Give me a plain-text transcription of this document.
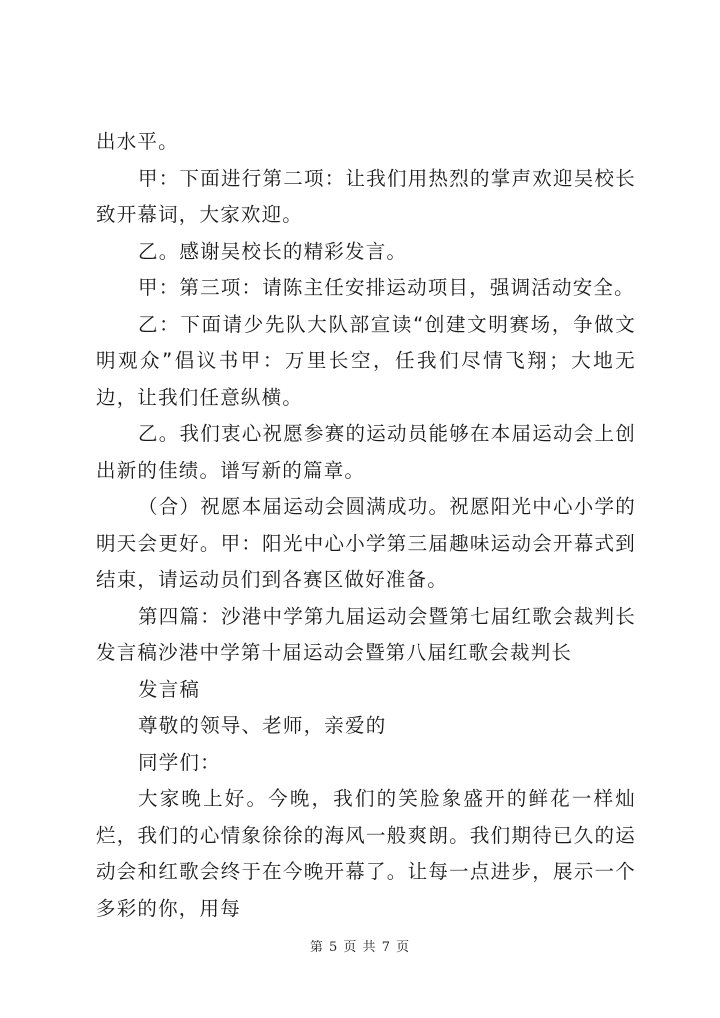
出水平。

甲：下面进行第二项：让我们用热烈的掌声欢迎吴校长致开幕词，大家欢迎。

乙。感谢吴校长的精彩发言。

甲：第三项：请陈主任安排运动项目，强调活动安全。

乙：下面请少先队大队部宣读“创建文明赛场，争做文明观众”倡议书甲：万里长空，任我们尽情飞翔；大地无边，让我们任意纵横。

乙。我们衷心祝愿参赛的运动员能够在本届运动会上创出新的佳绩。谱写新的篇章。

（合）祝愿本届运动会圆满成功。祝愿阳光中心小学的明天会更好。甲：阳光中心小学第三届趣味运动会开幕式到结束，请运动员们到各赛区做好准备。

第四篇：沙港中学第九届运动会暨第七届红歌会裁判长发言稿沙港中学第十届运动会暨第八届红歌会裁判长

发言稿

尊敬的领导、老师，亲爱的

同学们：

大家晚上好。今晚，我们的笑脸象盛开的鲜花一样灿烂，我们的心情象徐徐的海风一般爽朗。我们期待已久的运动会和红歌会终于在今晚开幕了。让每一点进步，展示一个多彩的你，用每

第 5 页 共 7 页
